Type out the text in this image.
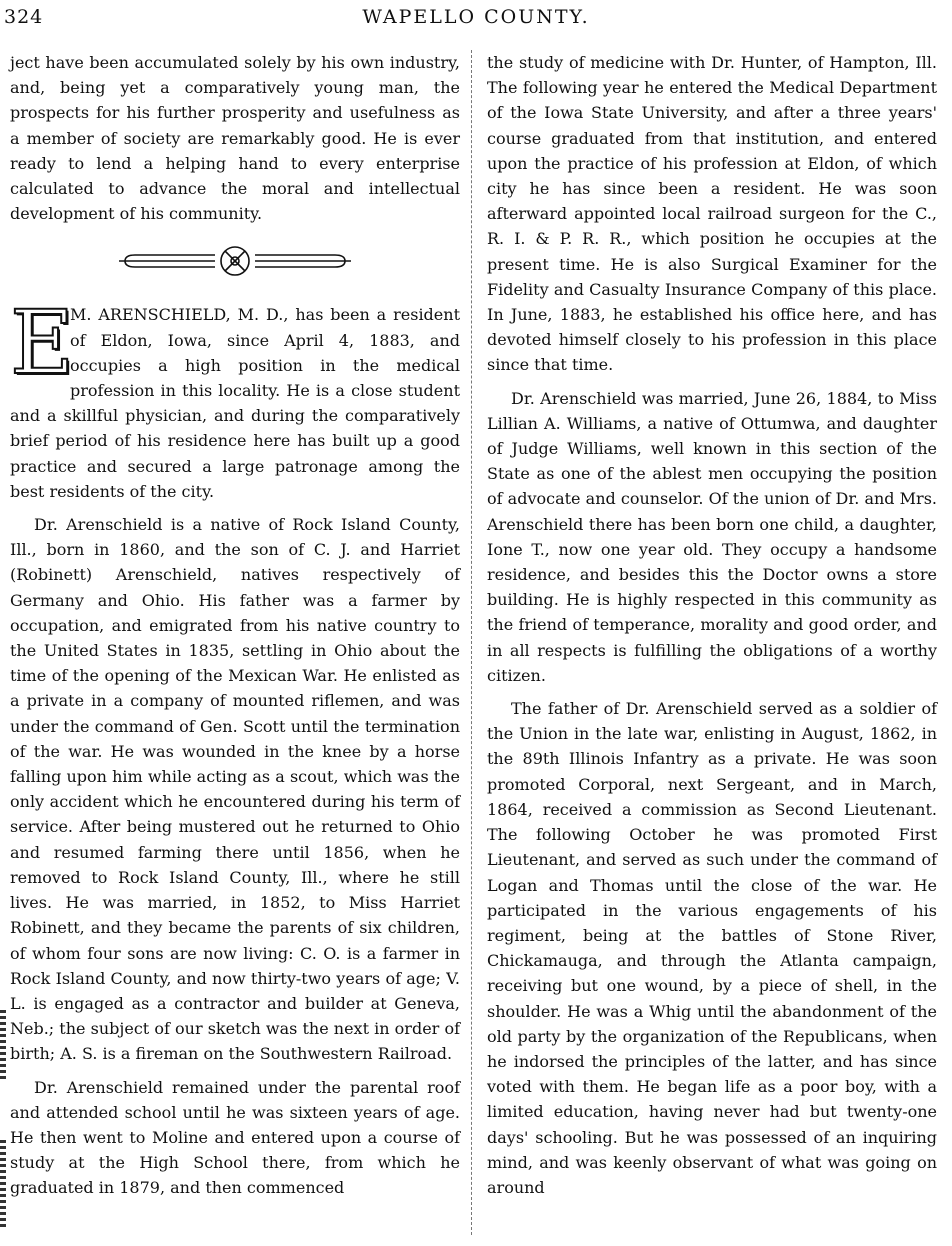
324	WAPELLO COUNTY.

ject have been accumulated solely by his own industry, and, being yet a comparatively young man, the prospects for his further prosperity and usefulness as a member of society are remarkably good. He is ever ready to lend a helping hand to every enterprise calculated to advance the moral and intellectual development of his community.

E
M. ARENSCHIELD, M. D., has been a resident of Eldon, Iowa, since April 4, 1883, and occupies a high position in the medical profession in this locality. He is a close student and a skillful physician, and during the comparatively brief period of his residence here has built up a good practice and secured a large patronage among the best residents of the city.

Dr. Arenschield is a native of Rock Island County, Ill., born in 1860, and the son of C. J. and Harriet (Robinett) Arenschield, natives respectively of Germany and Ohio. His father was a farmer by occupation, and emigrated from his native country to the United States in 1835, settling in Ohio about the time of the opening of the Mexican War. He enlisted as a private in a company of mounted riflemen, and was under the command of Gen. Scott until the termination of the war. He was wounded in the knee by a horse falling upon him while acting as a scout, which was the only accident which he encountered during his term of service. After being mustered out he returned to Ohio and resumed farming there until 1856, when he removed to Rock Island County, Ill., where he still lives. He was married, in 1852, to Miss Harriet Robinett, and they became the parents of six children, of whom four sons are now living: C. O. is a farmer in Rock Island County, and now thirty-two years of age; V. L. is engaged as a contractor and builder at Geneva, Neb.; the subject of our sketch was the next in order of birth; A. S. is a fireman on the Southwestern Railroad.

Dr. Arenschield remained under the parental roof and attended school until he was sixteen years of age. He then went to Moline and entered upon a course of study at the High School there, from which he graduated in 1879, and then commenced

the study of medicine with Dr. Hunter, of Hampton, Ill. The following year he entered the Medical Department of the Iowa State University, and after a three years' course graduated from that institution, and entered upon the practice of his profession at Eldon, of which city he has since been a resident. He was soon afterward appointed local railroad surgeon for the C., R. I. & P. R. R., which position he occupies at the present time. He is also Surgical Examiner for the Fidelity and Casualty Insurance Company of this place. In June, 1883, he established his office here, and has devoted himself closely to his profession in this place since that time.

Dr. Arenschield was married, June 26, 1884, to Miss Lillian A. Williams, a native of Ottumwa, and daughter of Judge Williams, well known in this section of the State as one of the ablest men occupying the position of advocate and counselor. Of the union of Dr. and Mrs. Arenschield there has been born one child, a daughter, Ione T., now one year old. They occupy a handsome residence, and besides this the Doctor owns a store building. He is highly respected in this community as the friend of temperance, morality and good order, and in all respects is fulfilling the obligations of a worthy citizen.

The father of Dr. Arenschield served as a soldier of the Union in the late war, enlisting in August, 1862, in the 89th Illinois Infantry as a private. He was soon promoted Corporal, next Sergeant, and in March, 1864, received a commission as Second Lieutenant. The following October he was promoted First Lieutenant, and served as such under the command of Logan and Thomas until the close of the war. He participated in the various engagements of his regiment, being at the battles of Stone River, Chickamauga, and through the Atlanta campaign, receiving but one wound, by a piece of shell, in the shoulder. He was a Whig until the abandonment of the old party by the organization of the Republicans, when he indorsed the principles of the latter, and has since voted with them. He began life as a poor boy, with a limited education, having never had but twenty-one days' schooling. But he was possessed of an inquiring mind, and was keenly observant of what was going on around
